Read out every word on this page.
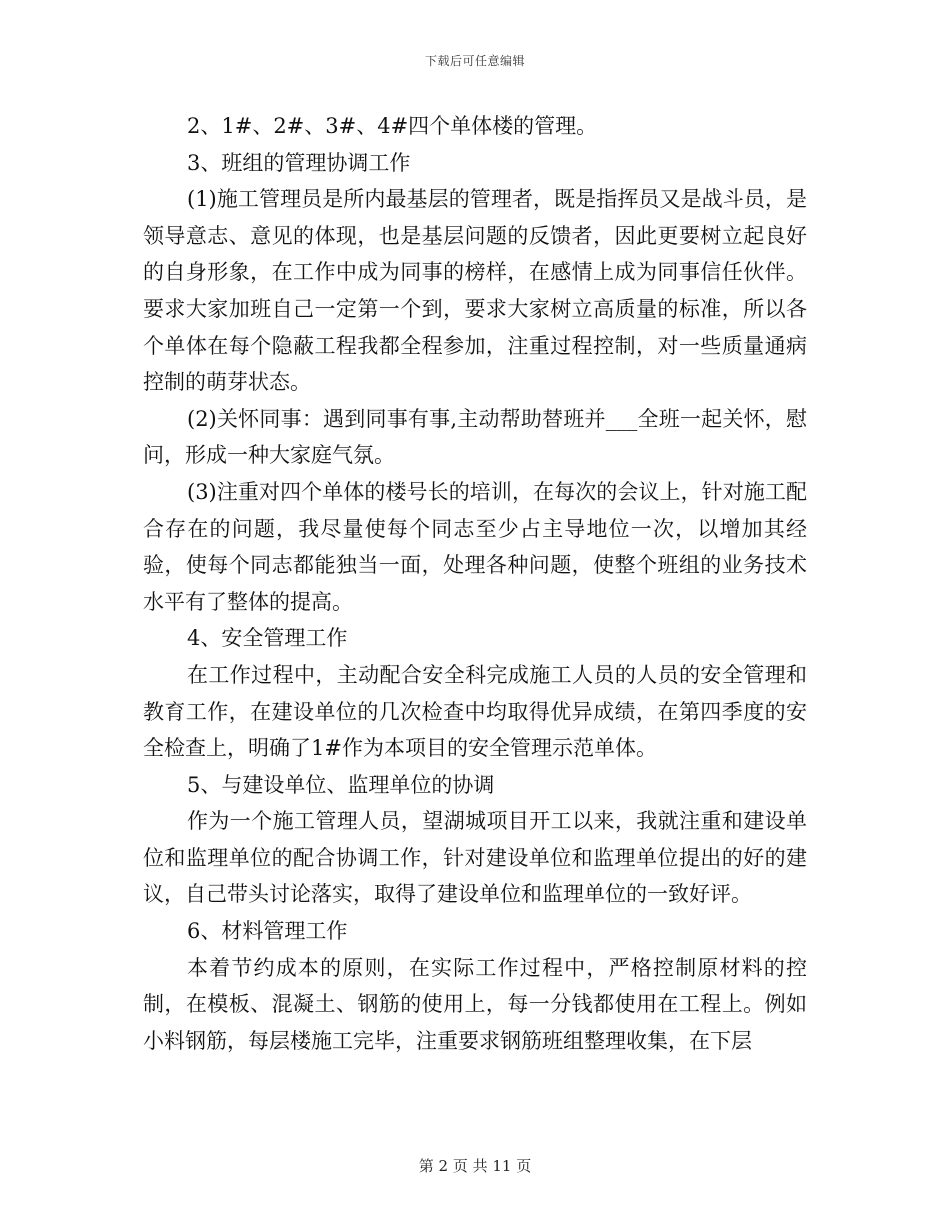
下载后可任意编辑

2、1#、2#、3#、4#四个单体楼的管理。

3、班组的管理协调工作

(1)施工管理员是所内最基层的管理者，既是指挥员又是战斗员，是领导意志、意见的体现，也是基层问题的反馈者，因此更要树立起良好的自身形象，在工作中成为同事的榜样，在感情上成为同事信任伙伴。要求大家加班自己一定第一个到，要求大家树立高质量的标准，所以各个单体在每个隐蔽工程我都全程参加，注重过程控制，对一些质量通病控制的萌芽状态。

(2)关怀同事：遇到同事有事,主动帮助替班并___全班一起关怀，慰问，形成一种大家庭气氛。

(3)注重对四个单体的楼号长的培训，在每次的会议上，针对施工配合存在的问题，我尽量使每个同志至少占主导地位一次，以增加其经验，使每个同志都能独当一面，处理各种问题，使整个班组的业务技术水平有了整体的提高。

4、安全管理工作

在工作过程中，主动配合安全科完成施工人员的人员的安全管理和教育工作，在建设单位的几次检查中均取得优异成绩，在第四季度的安全检查上，明确了1#作为本项目的安全管理示范单体。

5、与建设单位、监理单位的协调

作为一个施工管理人员，望湖城项目开工以来，我就注重和建设单位和监理单位的配合协调工作，针对建设单位和监理单位提出的好的建议，自己带头讨论落实，取得了建设单位和监理单位的一致好评。

6、材料管理工作

本着节约成本的原则，在实际工作过程中，严格控制原材料的控制，在模板、混凝土、钢筋的使用上，每一分钱都使用在工程上。例如小料钢筋，每层楼施工完毕，注重要求钢筋班组整理收集，在下层

第 2 页 共 11 页
